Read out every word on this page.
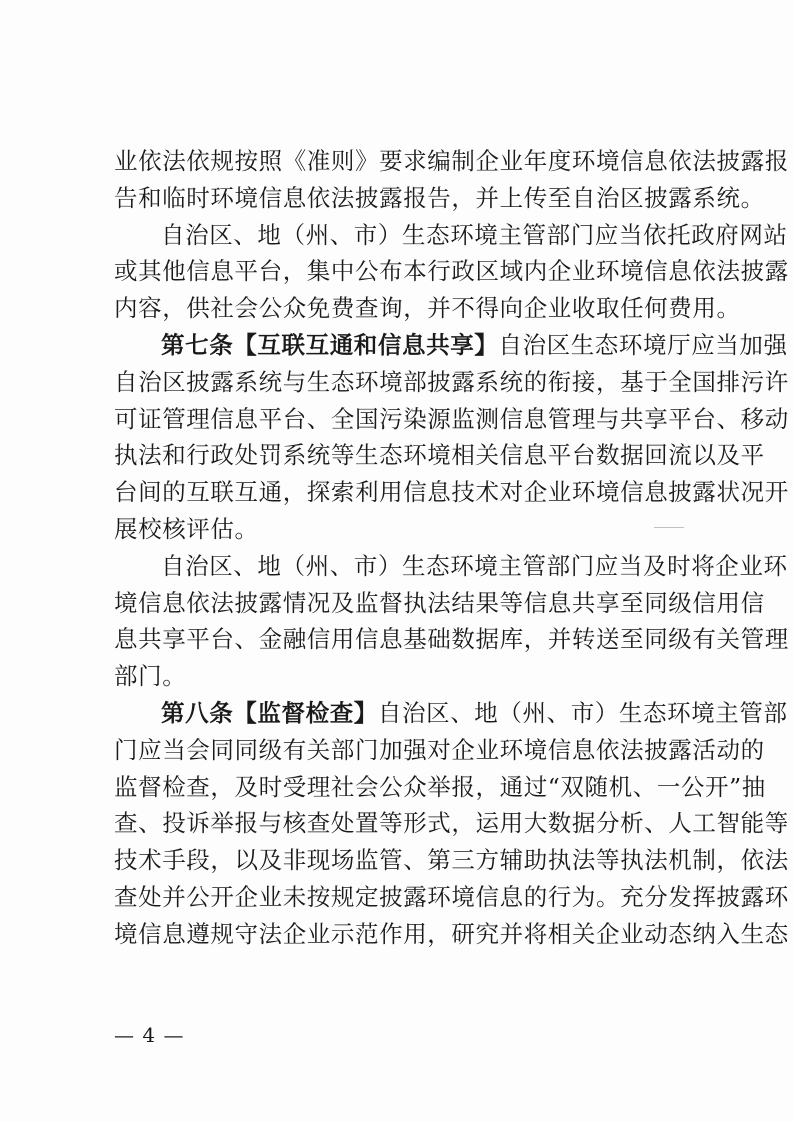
业依法依规按照《准则》要求编制企业年度环境信息依法披露报
告和临时环境信息依法披露报告，并上传至自治区披露系统。
自治区、地（州、市）生态环境主管部门应当依托政府网站
或其他信息平台，集中公布本行政区域内企业环境信息依法披露
内容，供社会公众免费查询，并不得向企业收取任何费用。
第七条【互联互通和信息共享】自治区生态环境厅应当加强
自治区披露系统与生态环境部披露系统的衔接，基于全国排污许
可证管理信息平台、全国污染源监测信息管理与共享平台、移动
执法和行政处罚系统等生态环境相关信息平台数据回流以及平
台间的互联互通，探索利用信息技术对企业环境信息披露状况开
展校核评估。
自治区、地（州、市）生态环境主管部门应当及时将企业环
境信息依法披露情况及监督执法结果等信息共享至同级信用信
息共享平台、金融信用信息基础数据库，并转送至同级有关管理
部门。
第八条【监督检查】自治区、地（州、市）生态环境主管部
门应当会同同级有关部门加强对企业环境信息依法披露活动的
监督检查，及时受理社会公众举报，通过“双随机、一公开”抽
查、投诉举报与核查处置等形式，运用大数据分析、人工智能等
技术手段，以及非现场监管、第三方辅助执法等执法机制，依法
查处并公开企业未按规定披露环境信息的行为。充分发挥披露环
境信息遵规守法企业示范作用，研究并将相关企业动态纳入生态
— 4 —
